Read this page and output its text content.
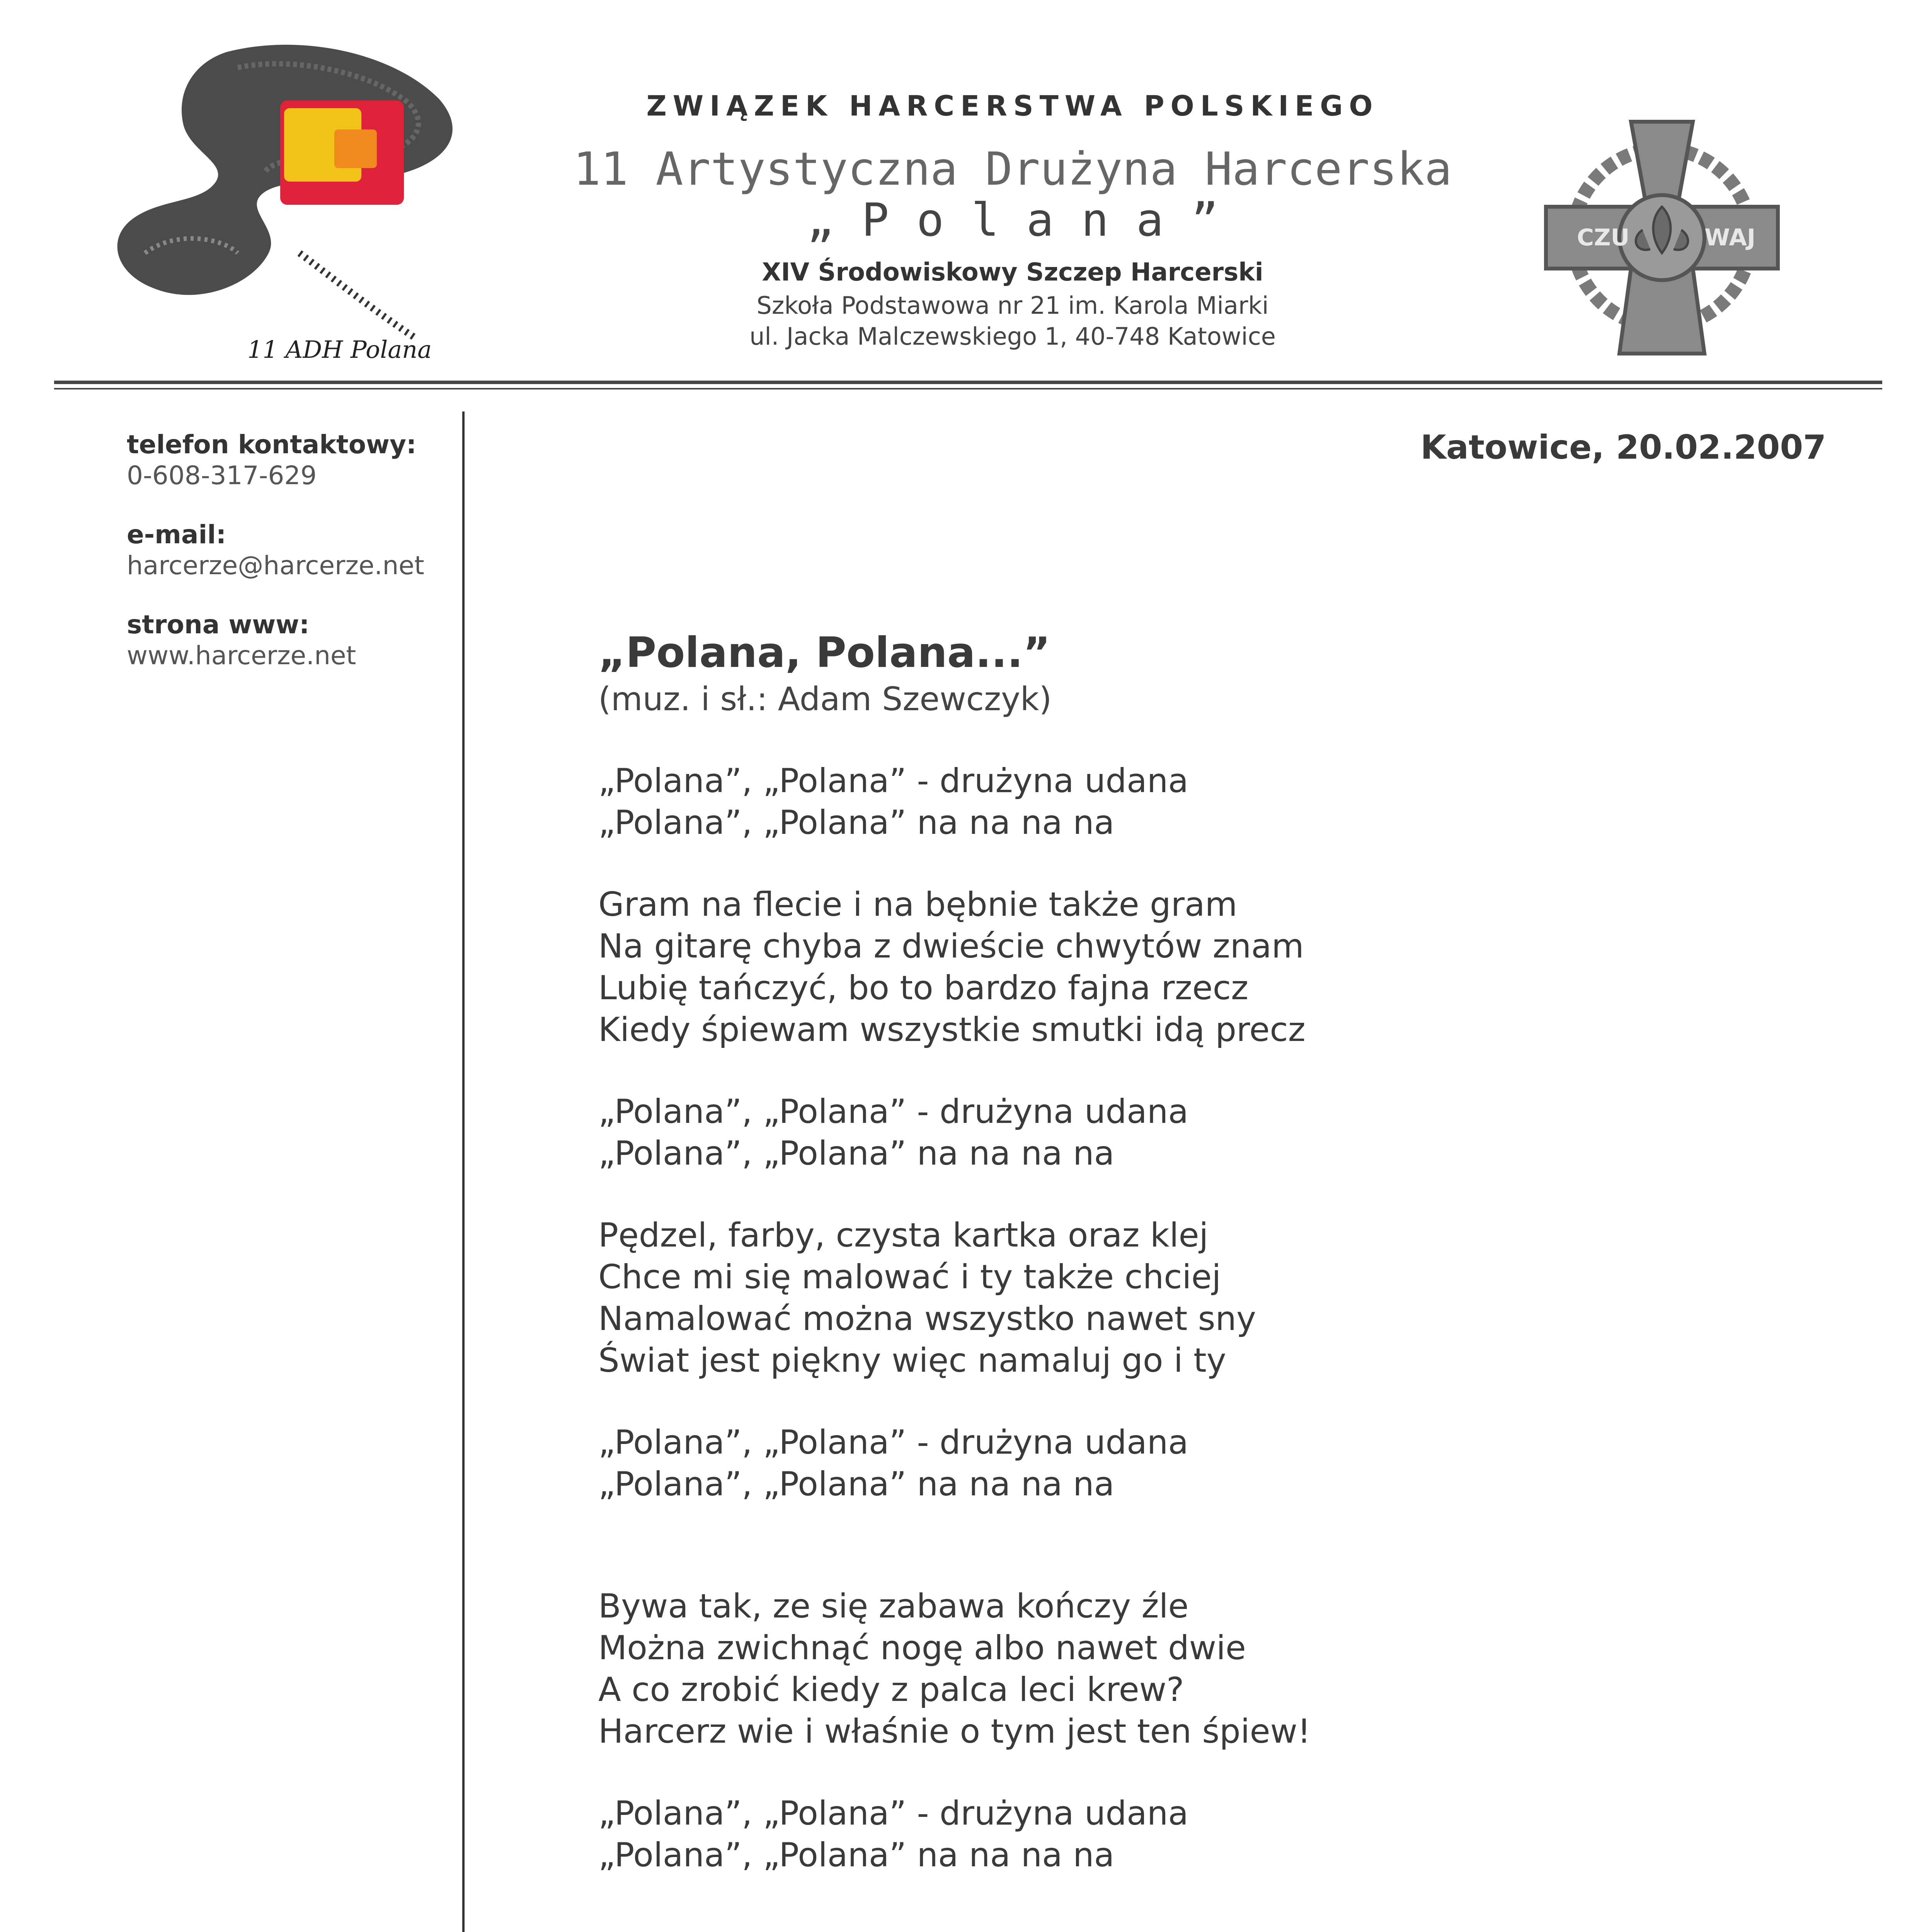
11 ADH Polana
ZWIĄZEK HARCERSTWA POLSKIEGO
11 Artystyczna Drużyna Harcerska
„ P o l a n a ”
XIV Środowiskowy Szczep Harcerski
Szkoła Podstawowa nr 21 im. Karola Miarki
ul. Jacka Malczewskiego 1, 40-748 Katowice
CZU	WAJ
telefon kontaktowy:
0-608-317-629
e-mail:
harcerze@harcerze.net
strona www:
www.harcerze.net
Katowice, 20.02.2007
„Polana, Polana...”
(muz. i sł.: Adam Szewczyk)
„Polana”, „Polana” - drużyna udana
„Polana”, „Polana” na na na na
Gram na flecie i na bębnie także gram
Na gitarę chyba z dwieście chwytów znam
Lubię tańczyć, bo to bardzo fajna rzecz
Kiedy śpiewam wszystkie smutki idą precz
„Polana”, „Polana” - drużyna udana
„Polana”, „Polana” na na na na
Pędzel, farby, czysta kartka oraz klej
Chce mi się malować i ty także chciej
Namalować można wszystko nawet sny
Świat jest piękny więc namaluj go i ty
„Polana”, „Polana” - drużyna udana
„Polana”, „Polana” na na na na
Bywa tak, ze się zabawa kończy źle
Można zwichnąć nogę albo nawet dwie
A co zrobić kiedy z palca leci krew?
Harcerz wie i właśnie o tym jest ten śpiew!
„Polana”, „Polana” - drużyna udana
„Polana”, „Polana” na na na na
